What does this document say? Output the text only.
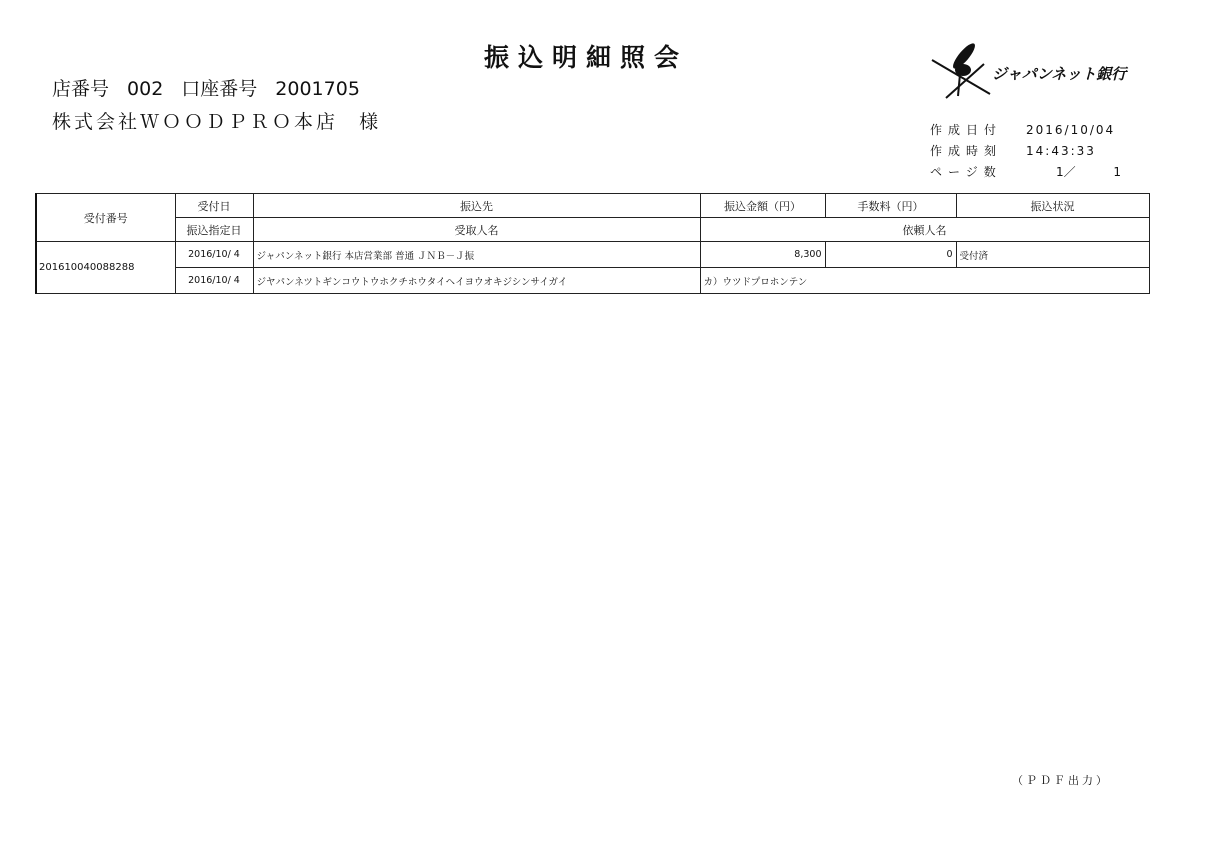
振込明細照会
店番号 002 口座番号 2001705
株式会社ＷＯＯＤＰＲＯ本店 様
ジャパンネット銀行
作成日付	2016/10/04
作成時刻	14:43:33
ページ数	1／	1
受付番号	受付日	振込先	振込金額（円）	手数料（円）	振込状況
	振込指定日	受取人名	依頼人名		
201610040088288	2016/10/ 4	ジャパンネット銀行 本店営業部 普通 ＪＮＢ－Ｊ振	8,300	0	受付済
	2016/10/ 4	ジヤパンネツトギンコウトウホクチホウタイヘイヨウオキジシンサイガイ	カ）ウツドプロホンテン		
（ＰＤＦ出力）
